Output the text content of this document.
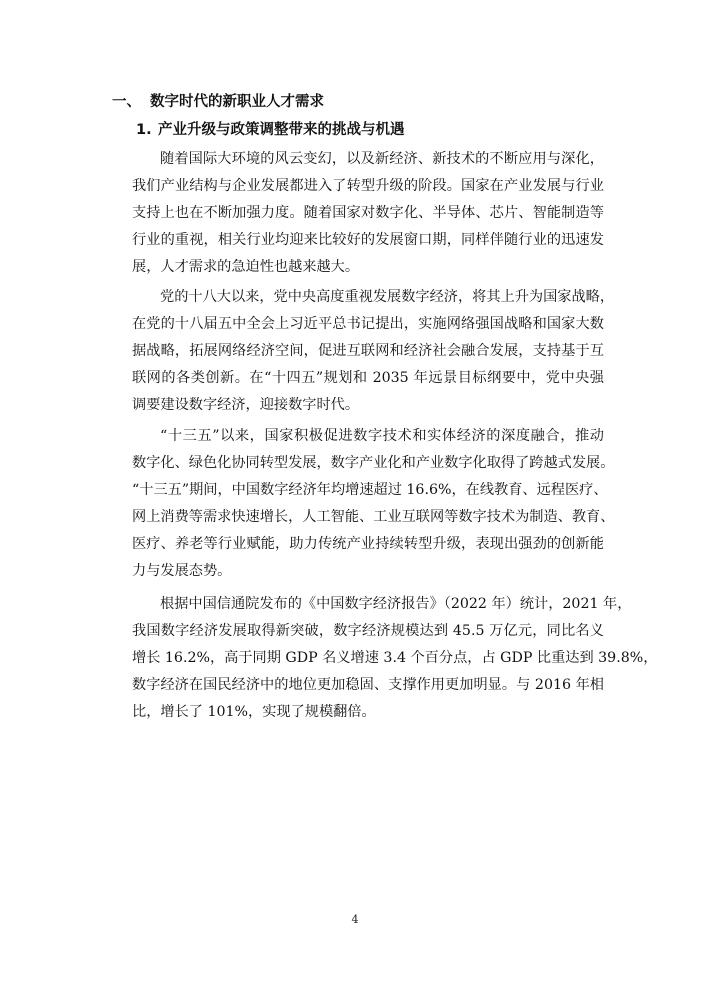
一、 数字时代的新职业人才需求
1. 产业升级与政策调整带来的挑战与机遇
随着国际大环境的风云变幻，以及新经济、新技术的不断应用与深化，
我们产业结构与企业发展都进入了转型升级的阶段。国家在产业发展与行业
支持上也在不断加强力度。随着国家对数字化、半导体、芯片、智能制造等
行业的重视，相关行业均迎来比较好的发展窗口期，同样伴随行业的迅速发
展，人才需求的急迫性也越来越大。
党的十八大以来，党中央高度重视发展数字经济，将其上升为国家战略，
在党的十八届五中全会上习近平总书记提出，实施网络强国战略和国家大数
据战略，拓展网络经济空间，促进互联网和经济社会融合发展，支持基于互
联网的各类创新。在“十四五”规划和 2035 年远景目标纲要中，党中央强
调要建设数字经济，迎接数字时代。
“十三五”以来，国家积极促进数字技术和实体经济的深度融合，推动
数字化、绿色化协同转型发展，数字产业化和产业数字化取得了跨越式发展。
“十三五”期间，中国数字经济年均增速超过 16.6%，在线教育、远程医疗、
网上消费等需求快速增长，人工智能、工业互联网等数字技术为制造、教育、
医疗、养老等行业赋能，助力传统产业持续转型升级，表现出强劲的创新能
力与发展态势。
根据中国信通院发布的《中国数字经济报告》（2022 年）统计，2021 年，
我国数字经济发展取得新突破，数字经济规模达到 45.5 万亿元，同比名义
增长 16.2%，高于同期 GDP 名义增速 3.4 个百分点，占 GDP 比重达到 39.8%，
数字经济在国民经济中的地位更加稳固、支撑作用更加明显。与 2016 年相
比，增长了 101%，实现了规模翻倍。
4
